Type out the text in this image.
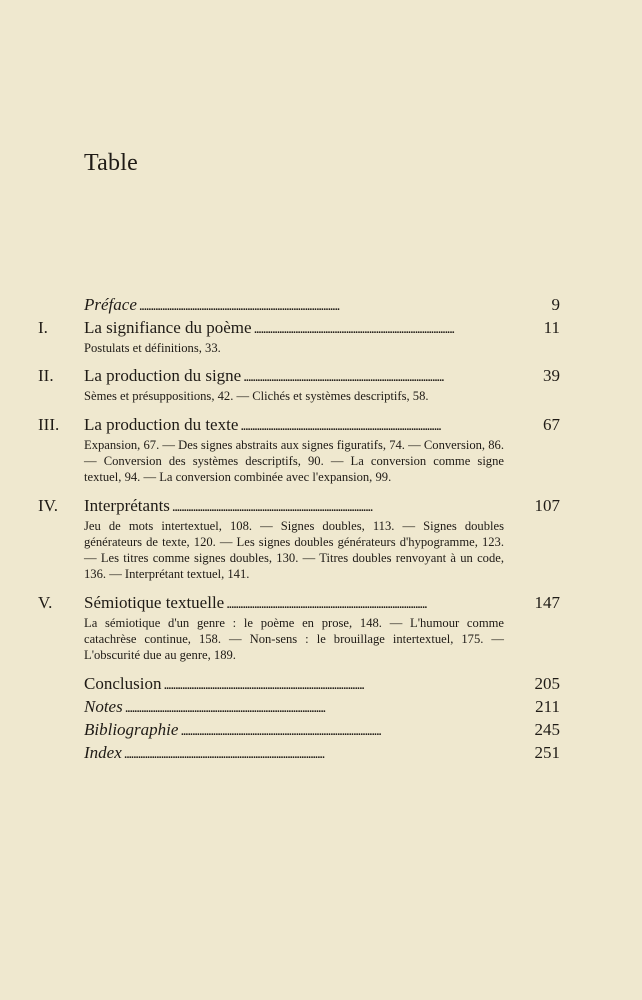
Table
Préface . . .	9
I.	La signifiance du poème . . .	11
Postulats et définitions, 33.
II.	La production du signe . . .	39
Sèmes et présuppositions, 42. — Clichés et systèmes descriptifs, 58.
III.	La production du texte . . .	67
Expansion, 67. — Des signes abstraits aux signes figuratifs, 74. — Conversion, 86. — Conversion des systèmes descriptifs, 90. — La conversion comme signe textuel, 94. — La conversion combinée avec l'expansion, 99.
IV.	Interprétants . . .	107
Jeu de mots intertextuel, 108. — Signes doubles, 113. — Signes doubles générateurs de texte, 120. — Les signes doubles générateurs d'hypogramme, 123. — Les titres comme signes doubles, 130. — Titres doubles renvoyant à un code, 136. — Interprétant textuel, 141.
V.	Sémiotique textuelle . . .	147
La sémiotique d'un genre : le poème en prose, 148. — L'humour comme catachrèse continue, 158. — Non-sens : le brouillage intertextuel, 175. — L'obscurité due au genre, 189.
Conclusion . . .	205
Notes . . .	211
Bibliographie . . .	245
Index . . .	251
